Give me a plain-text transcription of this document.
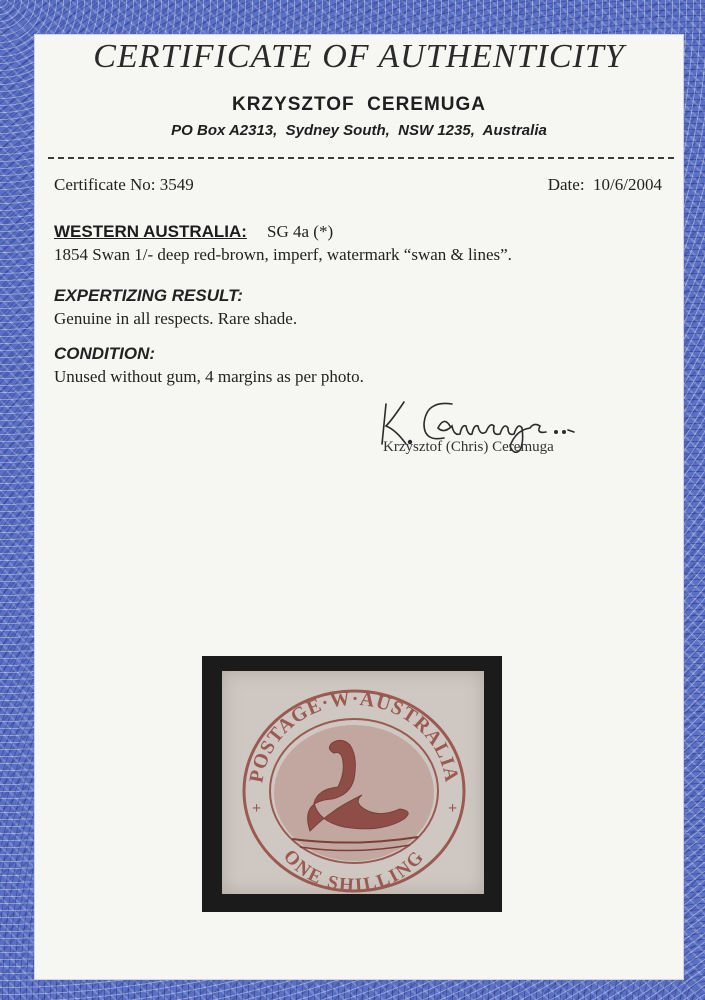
CERTIFICATE OF AUTHENTICITY
KRZYSZTOF  CEREMUGA
PO Box A2313,  Sydney South,  NSW 1235,  Australia
Certificate No: 3549	Date:  10/6/2004
WESTERN AUSTRALIA: SG 4a (*)
1854 Swan 1/- deep red-brown, imperf, watermark “swan & lines”.
EXPERTIZING RESULT:
Genuine in all respects. Rare shade.
CONDITION:
Unused without gum, 4 margins as per photo.
Krzysztof (Chris) Ceremuga
POSTAGE·W·AUSTRALIA
ONE SHILLING
+	+
